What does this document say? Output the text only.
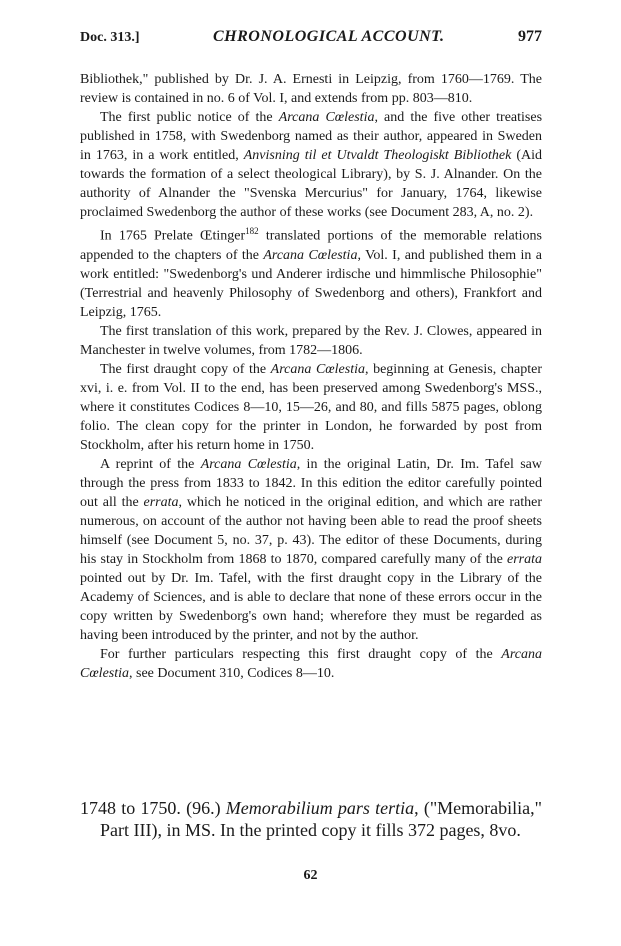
Doc. 313.]	CHRONOLOGICAL ACCOUNT.	977

Bibliothek," published by Dr. J. A. Ernesti in Leipzig, from 1760—1769. The review is contained in no. 6 of Vol. I, and extends from pp. 803—810.

The first public notice of the Arcana Cœlestia, and the five other treatises published in 1758, with Swedenborg named as their author, appeared in Sweden in 1763, in a work entitled, Anvisning til et Utvaldt Theologiskt Bibliothek (Aid towards the formation of a select theological Library), by S. J. Alnander. On the authority of Alnander the "Svenska Mercurius" for January, 1764, likewise proclaimed Swedenborg the author of these works (see Document 283, A, no. 2).

In 1765 Prelate Œtinger$^{182}$ translated portions of the memorable relations appended to the chapters of the Arcana Cœlestia, Vol. I, and published them in a work entitled: "Swedenborg's und Anderer irdische und himmlische Philosophie" (Terrestrial and heavenly Philosophy of Swedenborg and others), Frankfort and Leipzig, 1765.

The first translation of this work, prepared by the Rev. J. Clowes, appeared in Manchester in twelve volumes, from 1782—1806.

The first draught copy of the Arcana Cœlestia, beginning at Genesis, chapter xvi, i. e. from Vol. II to the end, has been preserved among Swedenborg's MSS., where it constitutes Codices 8—10, 15—26, and 80, and fills 5875 pages, oblong folio. The clean copy for the printer in London, he forwarded by post from Stockholm, after his return home in 1750.

A reprint of the Arcana Cœlestia, in the original Latin, Dr. Im. Tafel saw through the press from 1833 to 1842. In this edition the editor carefully pointed out all the errata, which he noticed in the original edition, and which are rather numerous, on account of the author not having been able to read the proof sheets himself (see Document 5, no. 37, p. 43). The editor of these Documents, during his stay in Stockholm from 1868 to 1870, compared carefully many of the errata pointed out by Dr. Im. Tafel, with the first draught copy in the Library of the Academy of Sciences, and is able to declare that none of these errors occur in the copy written by Swedenborg's own hand; wherefore they must be regarded as having been introduced by the printer, and not by the author.

For further particulars respecting this first draught copy of the Arcana Cœlestia, see Document 310, Codices 8—10.

1748 to 1750. (96.) Memorabilium pars tertia, ("Memorabilia," Part III), in MS. In the printed copy it fills 372 pages, 8vo.
62
